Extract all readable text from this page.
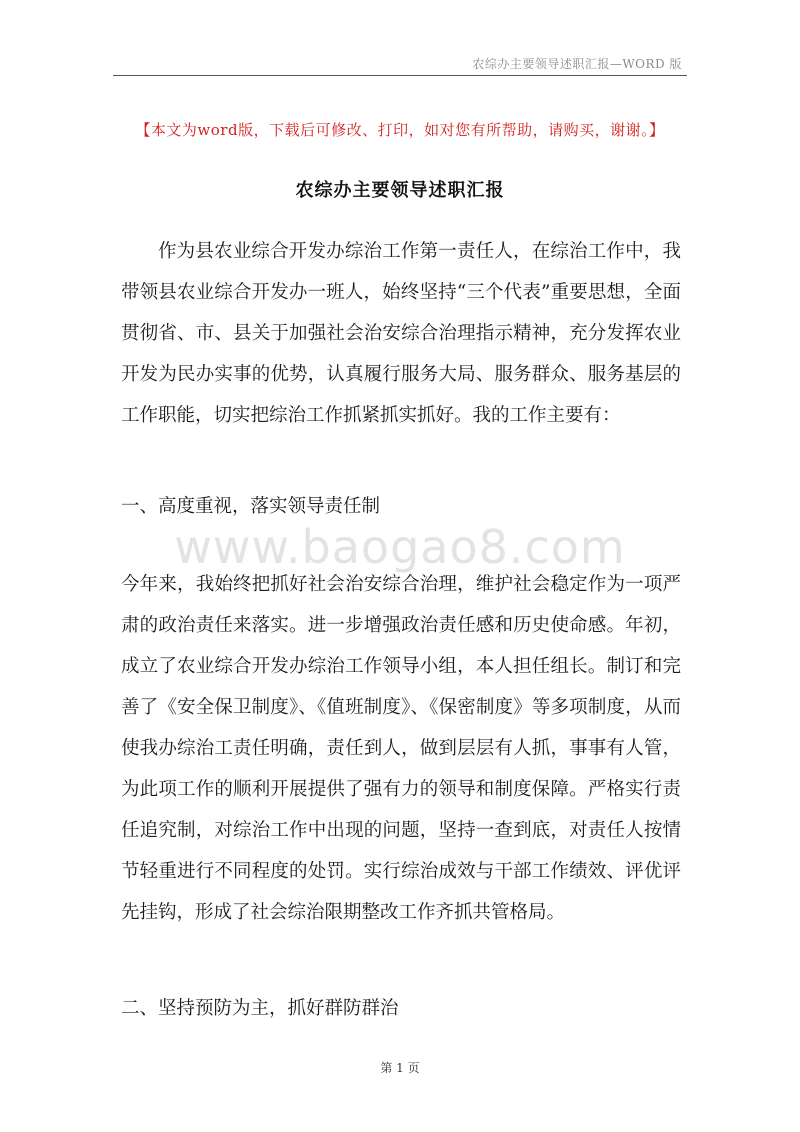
农综办主要领导述职汇报—WORD 版
【本文为word版，下载后可修改、打印，如对您有所帮助，请购买，谢谢。】
农综办主要领导述职汇报

作为县农业综合开发办综治工作第一责任人，在综治工作中，我带领县农业综合开发办一班人，始终坚持“三个代表”重要思想，全面贯彻省、市、县关于加强社会治安综合治理指示精神，充分发挥农业开发为民办实事的优势，认真履行服务大局、服务群众、服务基层的工作职能，切实把综治工作抓紧抓实抓好。我的工作主要有：

一、高度重视，落实领导责任制
www.baogao8.com

今年来，我始终把抓好社会治安综合治理，维护社会稳定作为一项严肃的政治责任来落实。进一步增强政治责任感和历史使命感。年初，成立了农业综合开发办综治工作领导小组，本人担任组长。制订和完善了《安全保卫制度》、《值班制度》、《保密制度》等多项制度，从而使我办综治工责任明确，责任到人，做到层层有人抓，事事有人管，为此项工作的顺利开展提供了强有力的领导和制度保障。严格实行责任追究制，对综治工作中出现的问题，坚持一查到底，对责任人按情节轻重进行不同程度的处罚。实行综治成效与干部工作绩效、评优评先挂钩，形成了社会综治限期整改工作齐抓共管格局。

二、坚持预防为主，抓好群防群治
第 1 页
